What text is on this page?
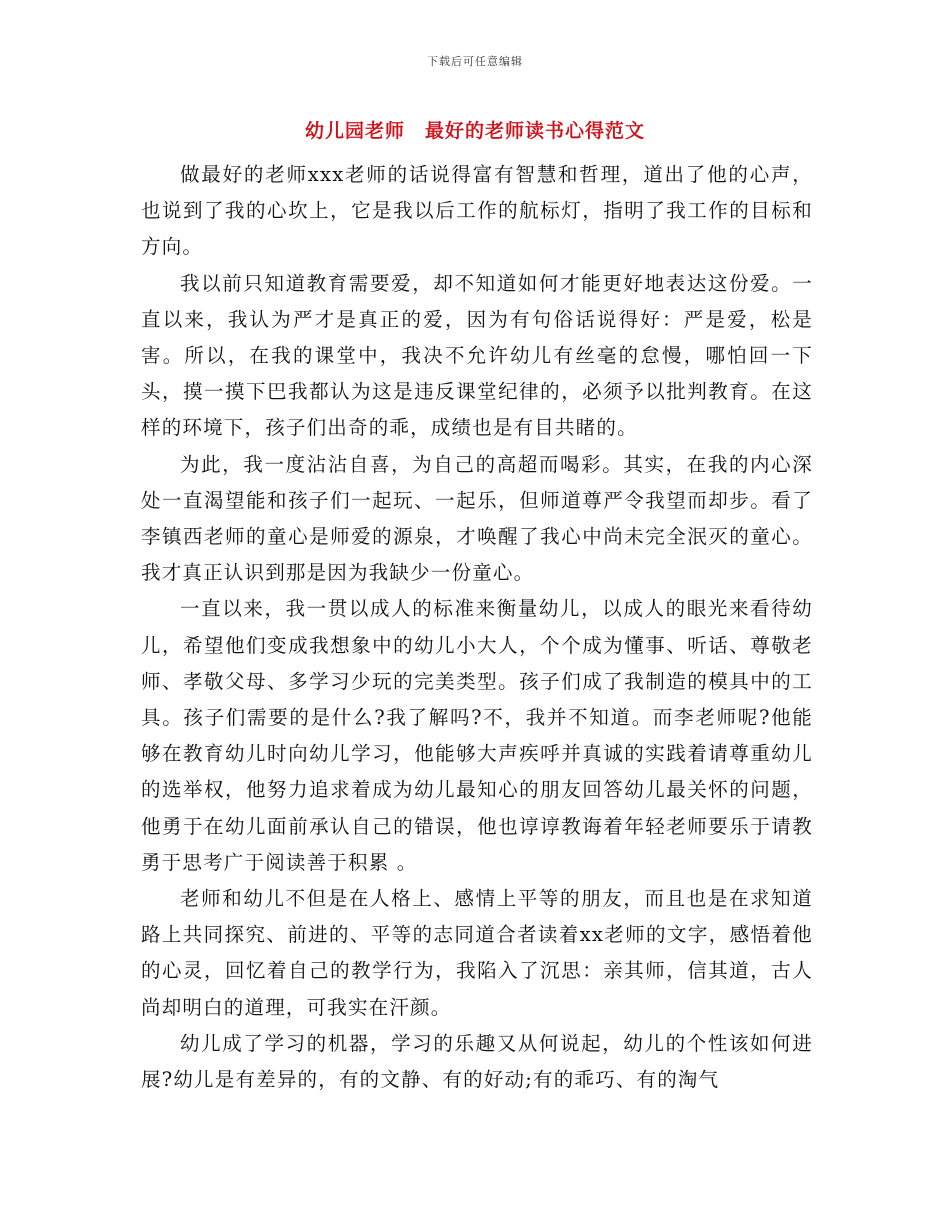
下载后可任意编辑
幼儿园老师　最好的老师读书心得范文

做最好的老师xxx老师的话说得富有智慧和哲理，道出了他的心声，也说到了我的心坎上，它是我以后工作的航标灯，指明了我工作的目标和方向。

我以前只知道教育需要爱，却不知道如何才能更好地表达这份爱。一直以来，我认为严才是真正的爱，因为有句俗话说得好：严是爱，松是害。所以，在我的课堂中，我决不允许幼儿有丝毫的怠慢，哪怕回一下头，摸一摸下巴我都认为这是违反课堂纪律的，必须予以批判教育。在这样的环境下，孩子们出奇的乖，成绩也是有目共睹的。

为此，我一度沾沾自喜，为自己的高超而喝彩。其实，在我的内心深处一直渴望能和孩子们一起玩、一起乐，但师道尊严令我望而却步。看了李镇西老师的童心是师爱的源泉，才唤醒了我心中尚未完全泯灭的童心。我才真正认识到那是因为我缺少一份童心。

一直以来，我一贯以成人的标准来衡量幼儿，以成人的眼光来看待幼儿，希望他们变成我想象中的幼儿小大人，个个成为懂事、听话、尊敬老师、孝敬父母、多学习少玩的完美类型。孩子们成了我制造的模具中的工具。孩子们需要的是什么?我了解吗?不，我并不知道。而李老师呢?他能够在教育幼儿时向幼儿学习，他能够大声疾呼并真诚的实践着请尊重幼儿的选举权，他努力追求着成为幼儿最知心的朋友回答幼儿最关怀的问题，他勇于在幼儿面前承认自己的错误，他也谆谆教诲着年轻老师要乐于请教勇于思考广于阅读善于积累 。

老师和幼儿不但是在人格上、感情上平等的朋友，而且也是在求知道路上共同探究、前进的、平等的志同道合者读着xx老师的文字，感悟着他的心灵，回忆着自己的教学行为，我陷入了沉思：亲其师，信其道，古人尚却明白的道理，可我实在汗颜。

幼儿成了学习的机器，学习的乐趣又从何说起，幼儿的个性该如何进展?幼儿是有差异的，有的文静、有的好动;有的乖巧、有的淘气
